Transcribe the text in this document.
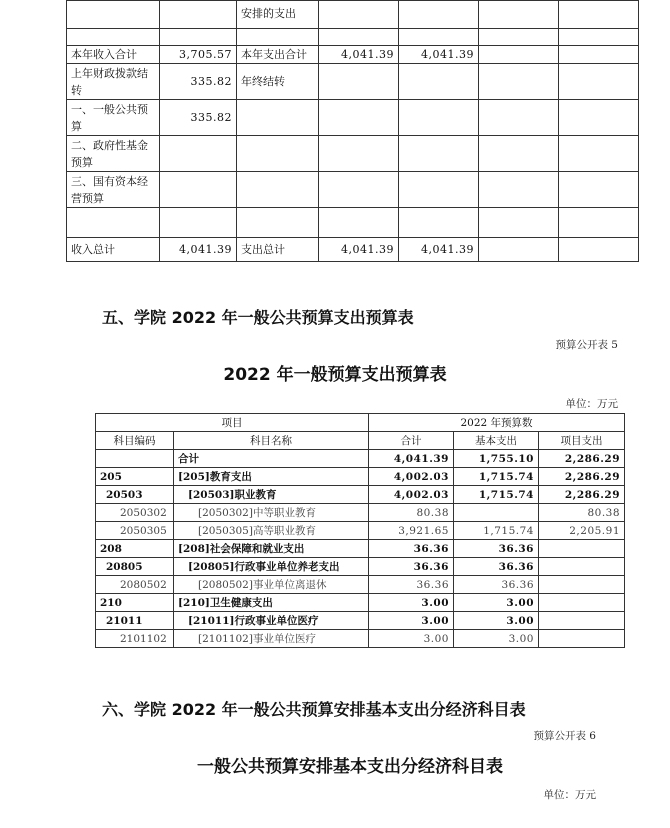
		安排的支出				

本年收入合计	3,705.57	本年支出合计	4,041.39	4,041.39		
上年财政拨款结转	335.82	年终结转				
一、一般公共预算	335.82					
二、政府性基金预算						
三、国有资本经营预算						

收入总计	4,041.39	支出总计	4,041.39	4,041.39		
五、学院 2022 年一般公共预算支出预算表
预算公开表 5
2022 年一般预算支出预算表
单位：万元
项目		2022 年预算数		
科目编码	科目名称	合计	基本支出	项目支出
	合计	4,041.39	1,755.10	2,286.29
205	[205]教育支出	4,002.03	1,715.74	2,286.29
20503	[20503]职业教育	4,002.03	1,715.74	2,286.29
2050302	[2050302]中等职业教育	80.38		80.38
2050305	[2050305]高等职业教育	3,921.65	1,715.74	2,205.91
208	[208]社会保障和就业支出	36.36	36.36	
20805	[20805]行政事业单位养老支出	36.36	36.36	
2080502	[2080502]事业单位离退休	36.36	36.36	
210	[210]卫生健康支出	3.00	3.00	
21011	[21011]行政事业单位医疗	3.00	3.00	
2101102	[2101102]事业单位医疗	3.00	3.00	
六、学院 2022 年一般公共预算安排基本支出分经济科目表
预算公开表 6
一般公共预算安排基本支出分经济科目表
单位：万元
